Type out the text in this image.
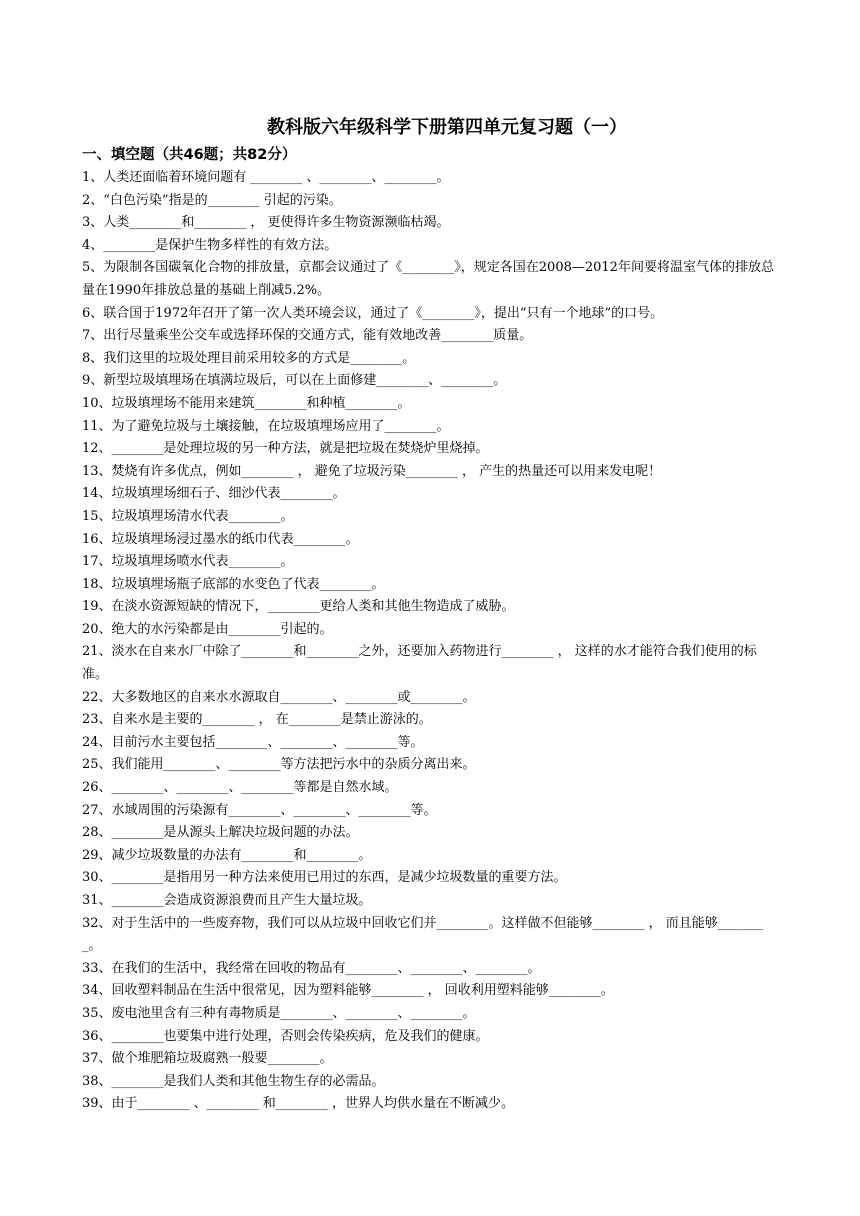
教科版六年级科学下册第四单元复习题（一）
一、填空题（共46题；共82分）
1、人类还面临着环境问题有 ________ 、________、________。
2、“白色污染”指是的________ 引起的污染。
3、人类________和________ ， 更使得许多生物资源濒临枯竭。
4、________是保护生物多样性的有效方法。
5、为限制各国碳氧化合物的排放量，京都会议通过了《________》，规定各国在2008—2012年间要将温室气体的排放总量在1990年排放总量的基础上削减5.2%。
6、联合国于1972年召开了第一次人类环境会议，通过了《________》，提出“只有一个地球”的口号。
7、出行尽量乘坐公交车或选择环保的交通方式，能有效地改善________质量。
8、我们这里的垃圾处理目前采用较多的方式是________。
9、新型垃圾填埋场在填满垃圾后，可以在上面修建________、________。
10、垃圾填埋场不能用来建筑________和种植________。
11、为了避免垃圾与土壤接触，在垃圾填埋场应用了________。
12、________是处理垃圾的另一种方法，就是把垃圾在焚烧炉里烧掉。
13、焚烧有许多优点，例如________ ， 避免了垃圾污染________ ， 产生的热量还可以用来发电呢！
14、垃圾填埋场细石子、细沙代表________。
15、垃圾填埋场清水代表________。
16、垃圾填埋场浸过墨水的纸巾代表________。
17、垃圾填埋场喷水代表________。
18、垃圾填埋场瓶子底部的水变色了代表________。
19、在淡水资源短缺的情况下，________更给人类和其他生物造成了威胁。
20、绝大的水污染都是由________引起的。
21、淡水在自来水厂中除了________和________之外，还要加入药物进行________ ， 这样的水才能符合我们使用的标准。
22、大多数地区的自来水水源取自________、________或________。
23、自来水是主要的________ ， 在________是禁止游泳的。
24、目前污水主要包括________、________、________等。
25、我们能用________、________等方法把污水中的杂质分离出来。
26、________、________、________等都是自然水域。
27、水域周围的污染源有________、________、________等。
28、________是从源头上解决垃圾问题的办法。
29、减少垃圾数量的办法有________和________。
30、________是指用另一种方法来使用已用过的东西，是减少垃圾数量的重要方法。
31、________会造成资源浪费而且产生大量垃圾。
32、对于生活中的一些废弃物，我们可以从垃圾中回收它们并________。这样做不但能够________ ， 而且能够________。
33、在我们的生活中，我经常在回收的物品有________、________、________。
34、回收塑料制品在生活中很常见，因为塑料能够________ ， 回收利用塑料能够________。
35、废电池里含有三种有毒物质是________、________、________。
36、________也要集中进行处理，否则会传染疾病，危及我们的健康。
37、做个堆肥箱垃圾腐熟一般要________。
38、________是我们人类和其他生物生存的必需品。
39、由于________ 、________ 和________ ，世界人均供水量在不断减少。
